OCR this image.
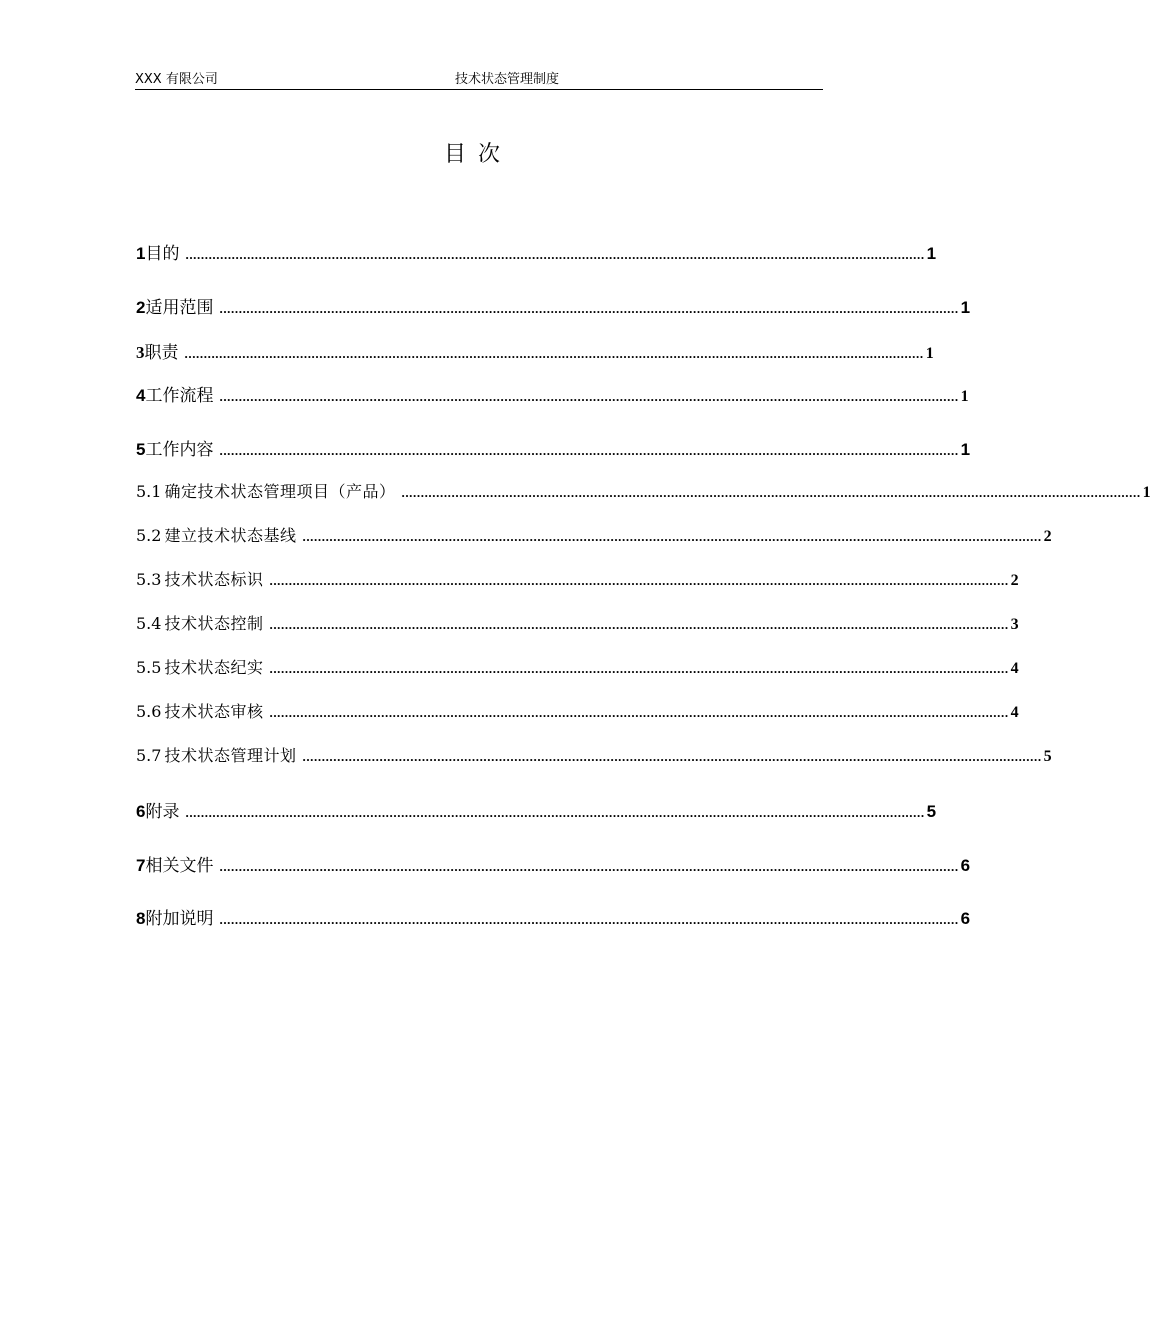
XXX 有限公司	技术状态管理制度
目次
1 目的 ................................................................................................................................................................................................ 1
2 适用范围 ................................................................................................................................................................................................ 1
3 职责 ................................................................................................................................................................................................ 1
4 工作流程 ................................................................................................................................................................................................ 1
5 工作内容 ................................................................................................................................................................................................ 1
5.1 确定技术状态管理项目（产品） ................................................................................................................................................................................................ 1
5.2 建立技术状态基线 ................................................................................................................................................................................................ 2
5.3 技术状态标识 ................................................................................................................................................................................................ 2
5.4 技术状态控制 ................................................................................................................................................................................................ 3
5.5 技术状态纪实 ................................................................................................................................................................................................ 4
5.6 技术状态审核 ................................................................................................................................................................................................ 4
5.7 技术状态管理计划 ................................................................................................................................................................................................ 5
6 附录 ................................................................................................................................................................................................ 5
7 相关文件 ................................................................................................................................................................................................ 6
8 附加说明 ................................................................................................................................................................................................ 6
